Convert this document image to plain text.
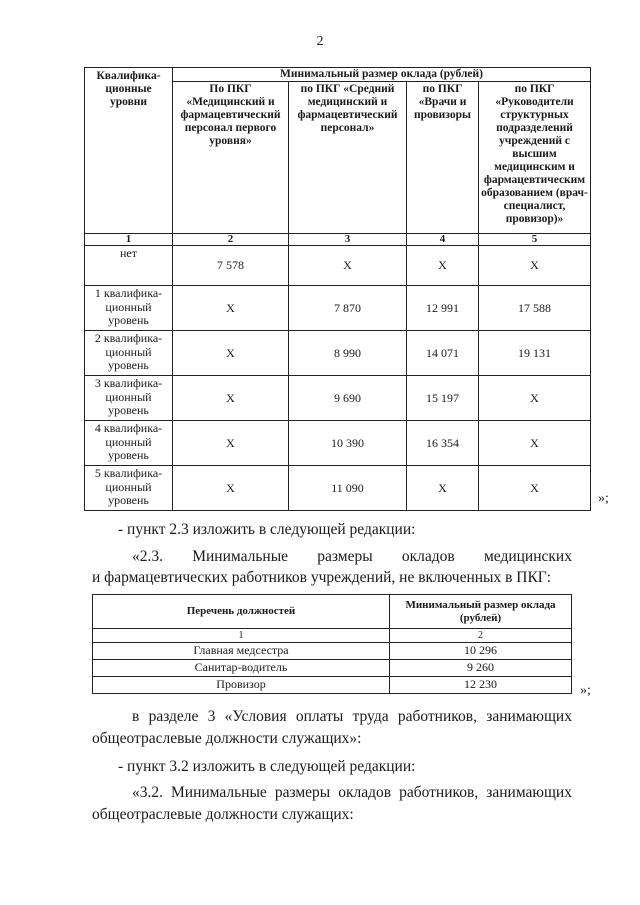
2
Квалифика-ционные уровни	Минимальный размер оклада (рублей)			
	По ПКГ «Медицинский и фармацевтический персонал первого уровня»	по ПКГ «Средний медицинский и фармацевтический персонал»	по ПКГ «Врачи и провизоры	по ПКГ «Руководители структурных подразделений учреждений с высшим медицинским и фармацевтическим образованием (врач-специалист, провизор)»
1	2	3	4	5
нет	7 578	X	X	X
1 квалифика-ционный уровень	X	7 870	12 991	17 588
2 квалифика-ционный уровень	X	8 990	14 071	19 131
3 квалифика-ционный уровень	X	9 690	15 197	X
4 квалифика-ционный уровень	X	10 390	16 354	X
5 квалифика-ционный уровень	X	11 090	X	X
»;
- пункт 2.3 изложить в следующей редакции:
«2.3. Минимальные размеры окладов медицинских
и фармацевтических работников учреждений, не включенных в ПКГ:
Перечень должностей	Минимальный размер оклада (рублей)
1	2
Главная медсестра	10 296
Санитар-водитель	9 260
Провизор	12 230	»;
в разделе 3 «Условия оплаты труда работников, занимающих
общеотраслевые должности служащих»:
- пункт 3.2 изложить в следующей редакции:
«3.2. Минимальные размеры окладов работников, занимающих
общеотраслевые должности служащих:
